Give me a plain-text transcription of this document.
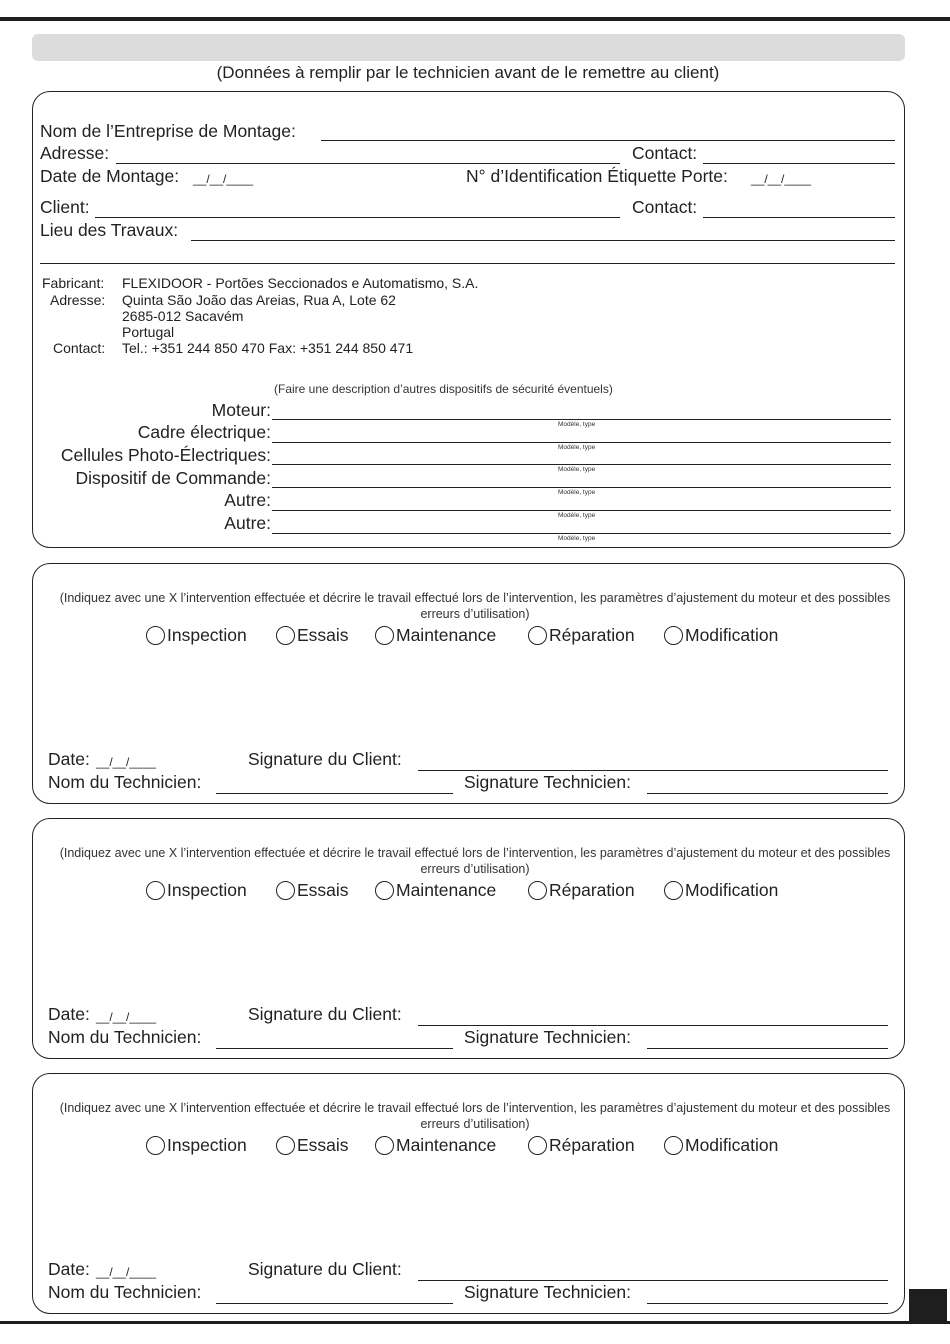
(Données à remplir par le technicien avant de le remettre au client)
Nom de l’Entreprise de Montage:
Adresse:	Contact:
Date de Montage: __/__/____	N° d’Identification Étiquette Porte: __/__/____
Client:	Contact:
Lieu des Travaux:
Fabricant: FLEXIDOOR - Portões Seccionados e Automatismo, S.A.
Adresse: Quinta São João das Areias, Rua A, Lote 62
2685-012 Sacavém
Portugal
Contact: Tel.: +351 244 850 470 Fax: +351 244 850 471
(Faire une description d’autres dispositifs de sécurité éventuels)
Moteur:
Modèle, type
Cadre électrique:
Modèle, type
Cellules Photo-Électriques:
Modèle, type
Dispositif de Commande:
Modèle, type
Autre:
Modèle, type
Autre:
Modèle, type
(Indiquez avec une X l’intervention effectuée et décrire le travail effectué lors de l’intervention, les paramètres d’ajustement du moteur et des possibles erreurs d’utilisation)
Inspection	Essais	Maintenance	Réparation	Modification
Date: __/__/____	Signature du Client:
Nom du Technicien:	Signature Technicien:
(Indiquez avec une X l’intervention effectuée et décrire le travail effectué lors de l’intervention, les paramètres d’ajustement du moteur et des possibles erreurs d’utilisation)
Inspection	Essais	Maintenance	Réparation	Modification
Date: __/__/____	Signature du Client:
Nom du Technicien:	Signature Technicien:
(Indiquez avec une X l’intervention effectuée et décrire le travail effectué lors de l’intervention, les paramètres d’ajustement du moteur et des possibles erreurs d’utilisation)
Inspection	Essais	Maintenance	Réparation	Modification
Date: __/__/____	Signature du Client:
Nom du Technicien:	Signature Technicien:
